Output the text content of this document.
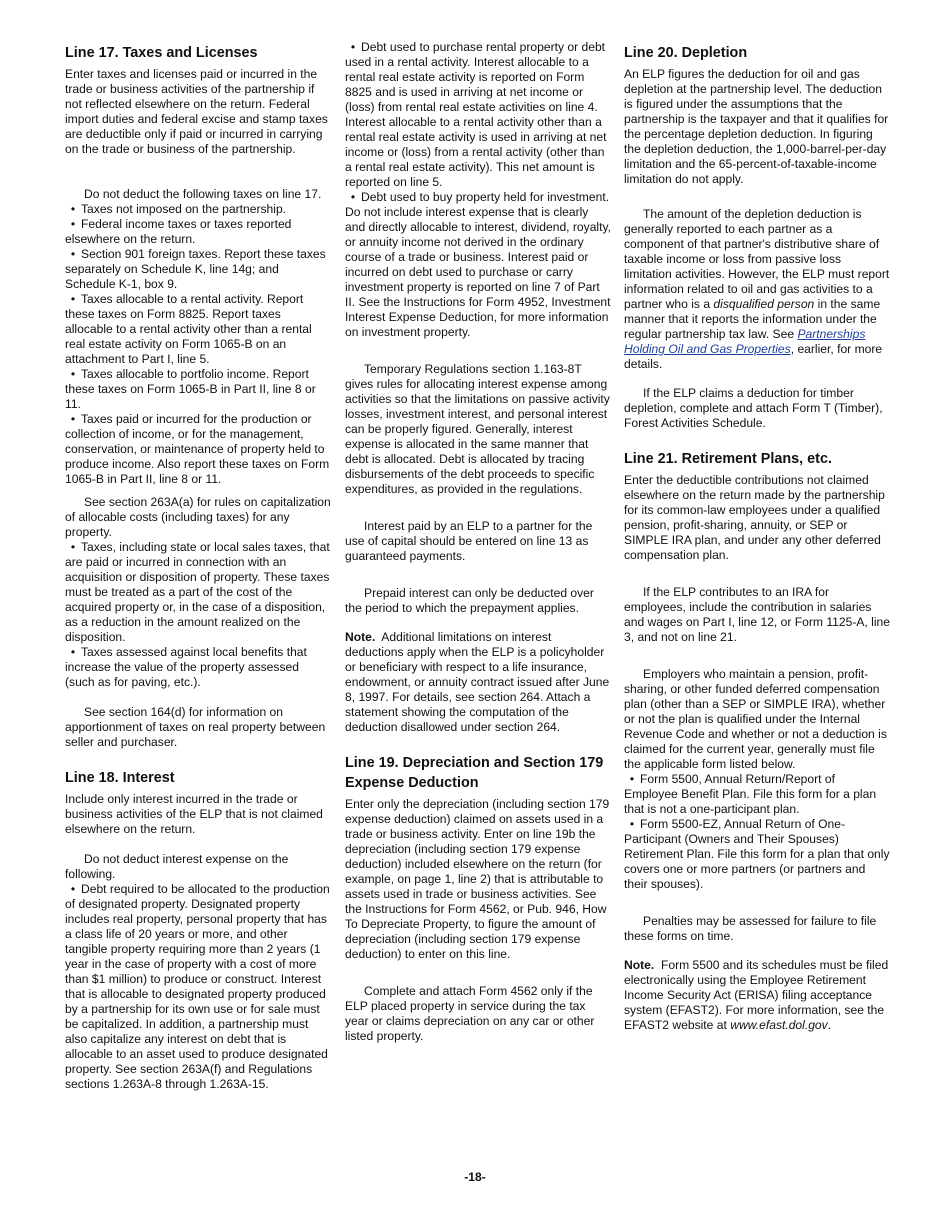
Line 17. Taxes and Licenses

Enter taxes and licenses paid or incurred in the trade or business activities of the partnership if not reflected elsewhere on the return. Federal import duties and federal excise and stamp taxes are deductible only if paid or incurred in carrying on the trade or business of the partnership.

Do not deduct the following taxes on line 17.

• Taxes not imposed on the partnership.

• Federal income taxes or taxes reported elsewhere on the return.

• Section 901 foreign taxes. Report these taxes separately on Schedule K, line 14g; and Schedule K-1, box 9.

• Taxes allocable to a rental activity. Report these taxes on Form 8825. Report taxes allocable to a rental activity other than a rental real estate activity on Form 1065-B on an attachment to Part I, line 5.

• Taxes allocable to portfolio income. Report these taxes on Form 1065-B in Part II, line 8 or 11.

• Taxes paid or incurred for the production or collection of income, or for the management, conservation, or maintenance of property held to produce income. Also report these taxes on Form 1065-B in Part II, line 8 or 11.

See section 263A(a) for rules on capitalization of allocable costs (including taxes) for any property.

• Taxes, including state or local sales taxes, that are paid or incurred in connection with an acquisition or disposition of property. These taxes must be treated as a part of the cost of the acquired property or, in the case of a disposition, as a reduction in the amount realized on the disposition.

• Taxes assessed against local benefits that increase the value of the property assessed (such as for paving, etc.).

See section 164(d) for information on apportionment of taxes on real property between seller and purchaser.

Line 18. Interest

Include only interest incurred in the trade or business activities of the ELP that is not claimed elsewhere on the return.

Do not deduct interest expense on the following.

• Debt required to be allocated to the production of designated property. Designated property includes real property, personal property that has a class life of 20 years or more, and other tangible property requiring more than 2 years (1 year in the case of property with a cost of more than $1 million) to produce or construct. Interest that is allocable to designated property produced by a partnership for its own use or for sale must be capitalized. In addition, a partnership must also capitalize any interest on debt that is allocable to an asset used to produce designated property. See section 263A(f) and Regulations sections 1.263A-8 through 1.263A-15.

• Debt used to purchase rental property or debt used in a rental activity. Interest allocable to a rental real estate activity is reported on Form 8825 and is used in arriving at net income or (loss) from rental real estate activities on line 4. Interest allocable to a rental activity other than a rental real estate activity is used in arriving at net income or (loss) from a rental activity (other than a rental real estate activity). This net amount is reported on line 5.

• Debt used to buy property held for investment. Do not include interest expense that is clearly and directly allocable to interest, dividend, royalty, or annuity income not derived in the ordinary course of a trade or business. Interest paid or incurred on debt used to purchase or carry investment property is reported on line 7 of Part II. See the Instructions for Form 4952, Investment Interest Expense Deduction, for more information on investment property.

Temporary Regulations section 1.163-8T gives rules for allocating interest expense among activities so that the limitations on passive activity losses, investment interest, and personal interest can be properly figured. Generally, interest expense is allocated in the same manner that debt is allocated. Debt is allocated by tracing disbursements of the debt proceeds to specific expenditures, as provided in the regulations.

Interest paid by an ELP to a partner for the use of capital should be entered on line 13 as guaranteed payments.

Prepaid interest can only be deducted over the period to which the prepayment applies.

Note. Additional limitations on interest deductions apply when the ELP is a policyholder or beneficiary with respect to a life insurance, endowment, or annuity contract issued after June 8, 1997. For details, see section 264. Attach a statement showing the computation of the deduction disallowed under section 264.

Line 19. Depreciation and Section 179 Expense Deduction

Enter only the depreciation (including section 179 expense deduction) claimed on assets used in a trade or business activity. Enter on line 19b the depreciation (including section 179 expense deduction) included elsewhere on the return (for example, on page 1, line 2) that is attributable to assets used in trade or business activities. See the Instructions for Form 4562, or Pub. 946, How To Depreciate Property, to figure the amount of depreciation (including section 179 expense deduction) to enter on this line.

Complete and attach Form 4562 only if the ELP placed property in service during the tax year or claims depreciation on any car or other listed property.

Line 20. Depletion

An ELP figures the deduction for oil and gas depletion at the partnership level. The deduction is figured under the assumptions that the partnership is the taxpayer and that it qualifies for the percentage depletion deduction. In figuring the depletion deduction, the 1,000-barrel-per-day limitation and the 65-percent-of-taxable-income limitation do not apply.

The amount of the depletion deduction is generally reported to each partner as a component of that partner's distributive share of taxable income or loss from passive loss limitation activities. However, the ELP must report information related to oil and gas activities to a partner who is a disqualified person in the same manner that it reports the information under the regular partnership tax law. See Partnerships Holding Oil and Gas Properties, earlier, for more details.

If the ELP claims a deduction for timber depletion, complete and attach Form T (Timber), Forest Activities Schedule.

Line 21. Retirement Plans, etc.

Enter the deductible contributions not claimed elsewhere on the return made by the partnership for its common-law employees under a qualified pension, profit-sharing, annuity, or SEP or SIMPLE IRA plan, and under any other deferred compensation plan.

If the ELP contributes to an IRA for employees, include the contribution in salaries and wages on Part I, line 12, or Form 1125-A, line 3, and not on line 21.

Employers who maintain a pension, profit-sharing, or other funded deferred compensation plan (other than a SEP or SIMPLE IRA), whether or not the plan is qualified under the Internal Revenue Code and whether or not a deduction is claimed for the current year, generally must file the applicable form listed below.

• Form 5500, Annual Return/Report of Employee Benefit Plan. File this form for a plan that is not a one-participant plan.

• Form 5500-EZ, Annual Return of One-Participant (Owners and Their Spouses) Retirement Plan. File this form for a plan that only covers one or more partners (or partners and their spouses).

Penalties may be assessed for failure to file these forms on time.

Note. Form 5500 and its schedules must be filed electronically using the Employee Retirement Income Security Act (ERISA) filing acceptance system (EFAST2). For more information, see the EFAST2 website at www.efast.dol.gov.

-18-
